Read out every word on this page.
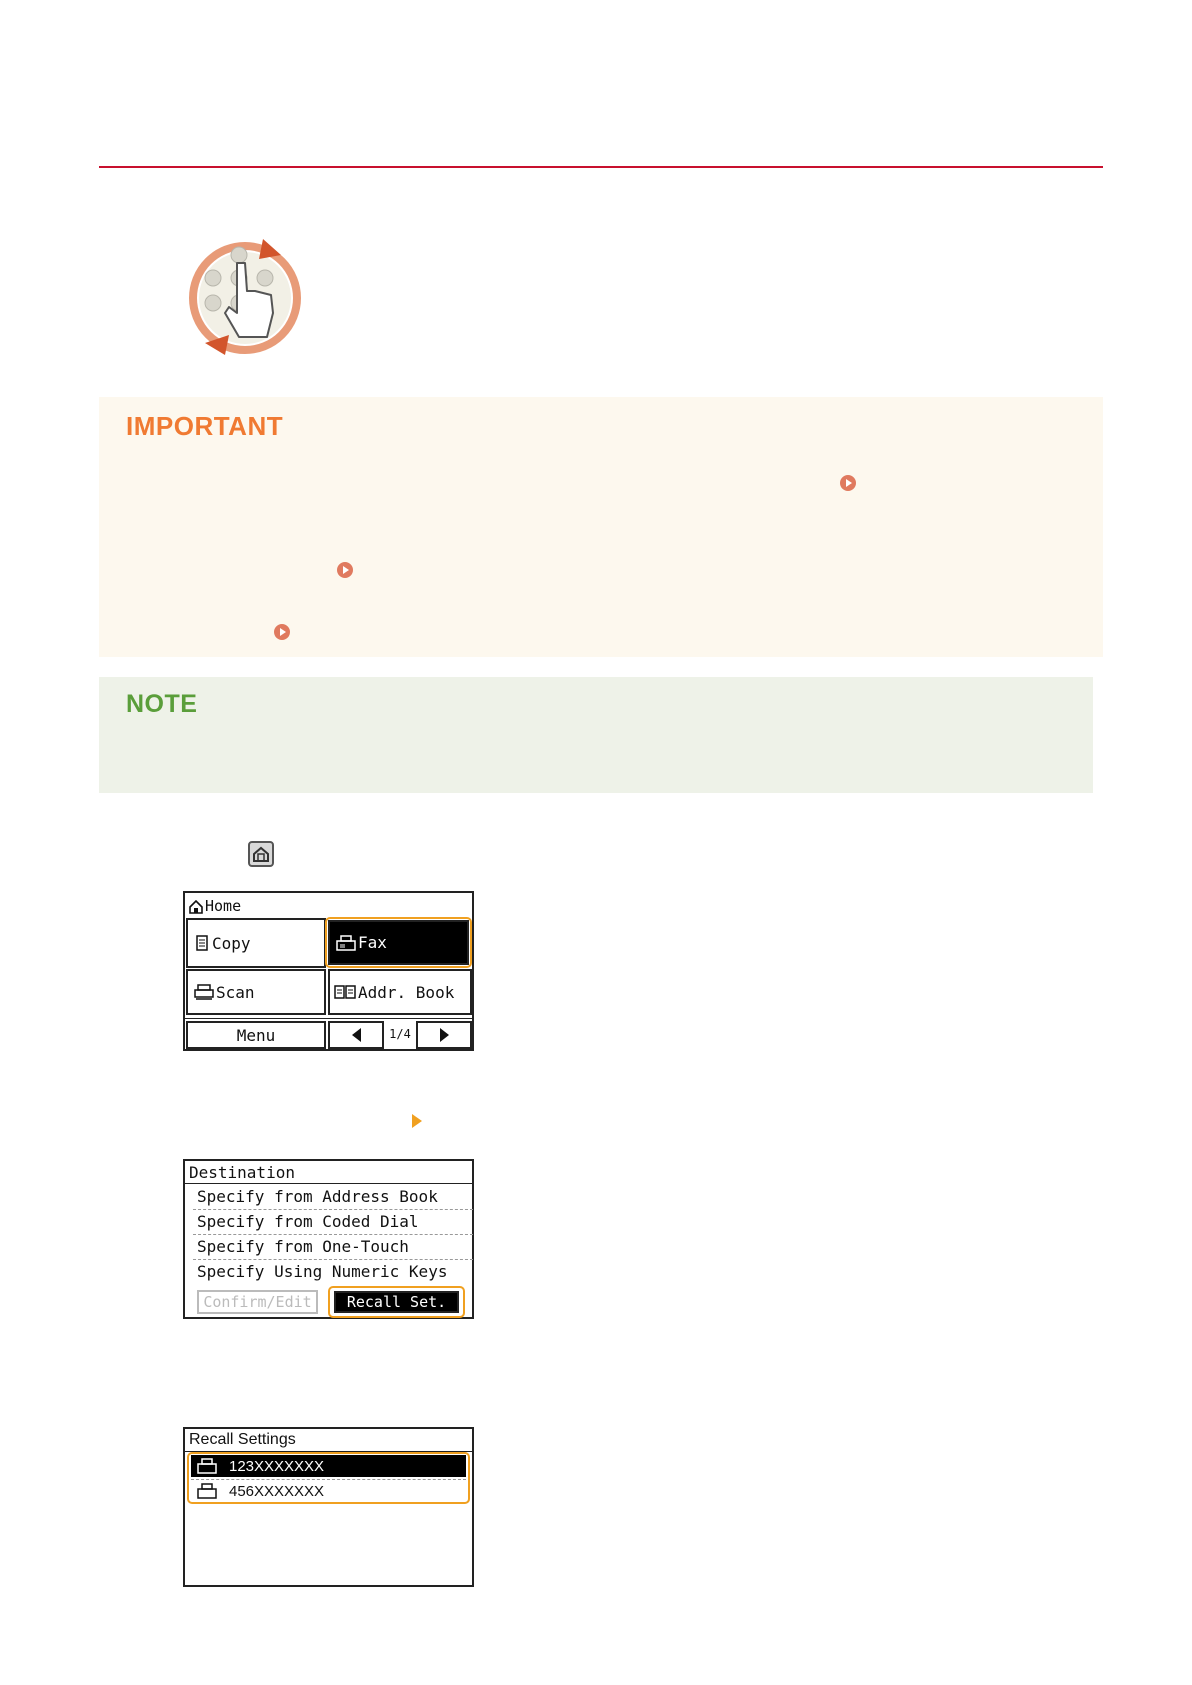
IMPORTANT
NOTE
Home
Copy	Fax
Scan	Addr. Book
Menu	1/4
Destination
Specify from Address Book
Specify from Coded Dial
Specify from One-Touch
Specify Using Numeric Keys
Confirm/Edit Recall Set.
Recall Settings
123XXXXXXX
456XXXXXXX
